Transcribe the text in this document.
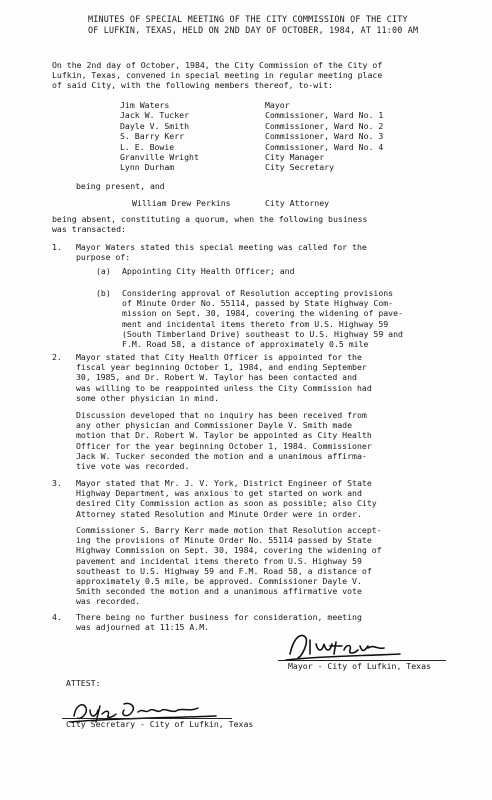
MINUTES OF SPECIAL MEETING OF THE CITY COMMISSION OF THE CITY
OF LUFKIN, TEXAS, HELD ON 2ND DAY OF OCTOBER, 1984, AT 11:00 AM
On the 2nd day of October, 1984, the City Commission of the City of
Lufkin, Texas, convened in special meeting in regular meeting place
of said City, with the following members thereof, to-wit:
Jim Waters
Jack W. Tucker
Dayle V. Smith
S. Barry Kerr
L. E. Bowie
Granville Wright
Lynn Durham
Mayor
Commissioner, Ward No. 1
Commissioner, Ward No. 2
Commissioner, Ward No. 3
Commissioner, Ward No. 4
City Manager
City Secretary
being present, and
William Drew Perkins	City Attorney
being absent, constituting a quorum, when the following business
was transacted:
1. Mayor Waters stated this special meeting was called for the
purpose of:
(a) Appointing City Health Officer; and
(b) Considering approval of Resolution accepting provisions
of Minute Order No. 55114, passed by State Highway Com-
mission on Sept. 30, 1984, covering the widening of pave-
ment and incidental items thereto from U.S. Highway 59
(South Timberland Drive) southeast to U.S. Highway 59 and
F.M. Road 58, a distance of approximately 0.5 mile
2. Mayor stated that City Health Officer is appointed for the
fiscal year beginning October 1, 1984, and ending September
30, 1985, and Dr. Robert W. Taylor has been contacted and
was willing to be reappointed unless the City Commission had
some other physician in mind.
Discussion developed that no inquiry has been received from
any other physician and Commissioner Dayle V. Smith made
motion that Dr. Robert W. Taylor be appointed as City Health
Officer for the year beginning October 1, 1984. Commissioner
Jack W. Tucker seconded the motion and a unanimous affirma-
tive vote was recorded.
3. Mayor stated that Mr. J. V. York, District Engineer of State
Highway Department, was anxious to get started on work and
desired City Commission action as soon as possible; also City
Attorney stated Resolution and Minute Order were in order.
Commissioner S. Barry Kerr made motion that Resolution accept-
ing the provisions of Minute Order No. 55114 passed by State
Highway Commission on Sept. 30, 1984, covering the widening of
pavement and incidental items thereto from U.S. Highway 59
southeast to U.S. Highway 59 and F.M. Road 58, a distance of
approximately 0.5 mile, be approved. Commissioner Dayle V.
Smith seconded the motion and a unanimous affirmative vote
was recorded.
4. There being no further business for consideration, meeting
was adjourned at 11:15 A.M.
Mayor - City of Lufkin, Texas
ATTEST:
City Secretary - City of Lufkin, Texas
